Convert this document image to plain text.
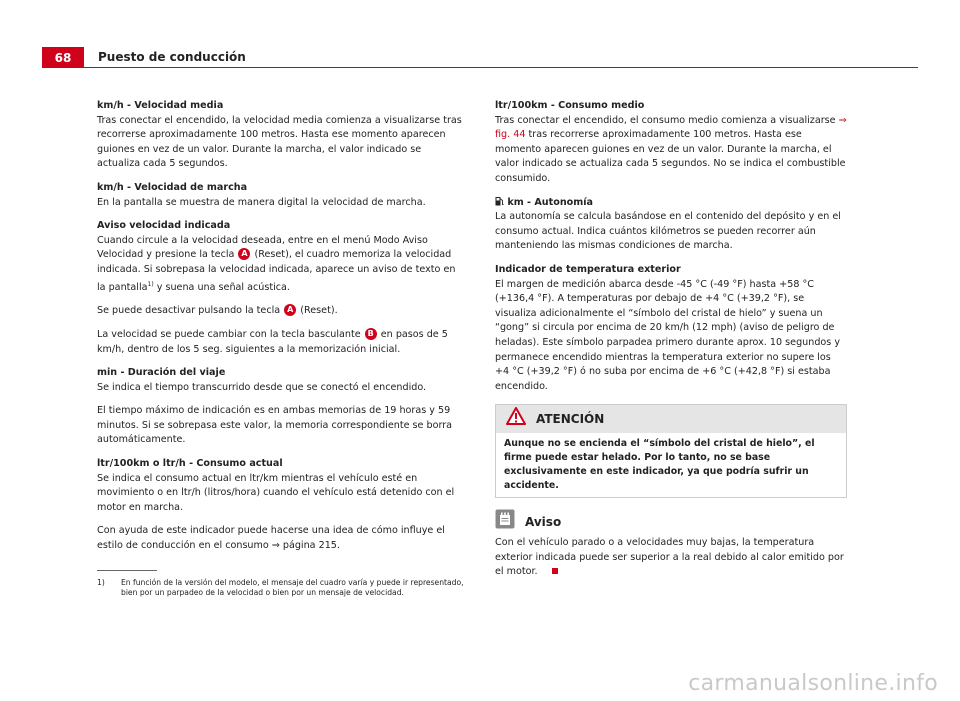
68	Puesto de conducción

km/h - Velocidad media

Tras conectar el encendido, la velocidad media comienza a visualizarse tras recorrerse aproximadamente 100 metros. Hasta ese momento aparecen guiones en vez de un valor. Durante la marcha, el valor indicado se actualiza cada 5 segundos.

km/h - Velocidad de marcha

En la pantalla se muestra de manera digital la velocidad de marcha.

Aviso velocidad indicada

Cuando circule a la velocidad deseada, entre en el menú Modo Aviso Velocidad y presione la tecla A (Reset), el cuadro memoriza la velocidad indicada. Si sobrepasa la velocidad indicada, aparece un aviso de texto en la pantalla$^{1)}$ y suena una señal acústica.

Se puede desactivar pulsando la tecla A (Reset).

La velocidad se puede cambiar con la tecla basculante B en pasos de 5 km/h, dentro de los 5 seg. siguientes a la memorización inicial.

min - Duración del viaje

Se indica el tiempo transcurrido desde que se conectó el encendido.

El tiempo máximo de indicación es en ambas memorias de 19 horas y 59 minutos. Si se sobrepasa este valor, la memoria correspondiente se borra automáticamente.

ltr/100km o ltr/h - Consumo actual

Se indica el consumo actual en ltr/km mientras el vehículo esté en movimiento o en ltr/h (litros/hora) cuando el vehículo está detenido con el motor en marcha.

Con ayuda de este indicador puede hacerse una idea de cómo influye el estilo de conducción en el consumo ⇒ página 215.

ltr/100km - Consumo medio

Tras conectar el encendido, el consumo medio comienza a visualizarse ⇒ fig. 44 tras recorrerse aproximadamente 100 metros. Hasta ese momento aparecen guiones en vez de un valor. Durante la marcha, el valor indicado se actualiza cada 5 segundos. No se indica el combustible consumido.

km - Autonomía

La autonomía se calcula basándose en el contenido del depósito y en el consumo actual. Indica cuántos kilómetros se pueden recorrer aún manteniendo las mismas condiciones de marcha.

Indicador de temperatura exterior

El margen de medición abarca desde -45 °C (-49 °F) hasta +58 °C (+136,4 °F). A temperaturas por debajo de +4 °C (+39,2 °F), se visualiza adicionalmente el “símbolo del cristal de hielo” y suena un “gong” si circula por encima de 20 km/h (12 mph) (aviso de peligro de heladas). Este símbolo parpadea primero durante aprox. 10 segundos y permanece encendido mientras la temperatura exterior no supere los +4 °C (+39,2 °F) ó no suba por encima de +6 °C (+42,8 °F) si estaba encendido.

ATENCIÓN
Aunque no se encienda el “símbolo del cristal de hielo”, el firme puede estar helado. Por lo tanto, no se base exclusivamente en este indicador, ya que podría sufrir un accidente.
Aviso

Con el vehículo parado o a velocidades muy bajas, la temperatura exterior indicada puede ser superior a la real debido al calor emitido por el motor.

1) En función de la versión del modelo, el mensaje del cuadro varía y puede ir representado, bien por un parpadeo de la velocidad o bien por un mensaje de velocidad.
carmanualsonline.info
